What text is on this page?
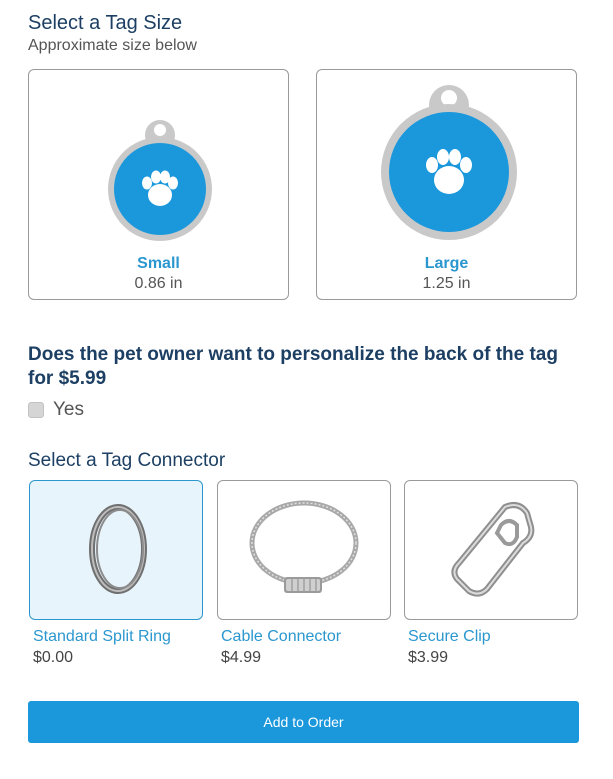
Select a Tag Size
Approximate size below
Small
0.86 in
Large
1.25 in
Does the pet owner want to personalize the back of the tag for $5.99
Yes
Select a Tag Connector
Standard Split Ring
$0.00
Cable Connector
$4.99
Secure Clip
$3.99
Add to Order
